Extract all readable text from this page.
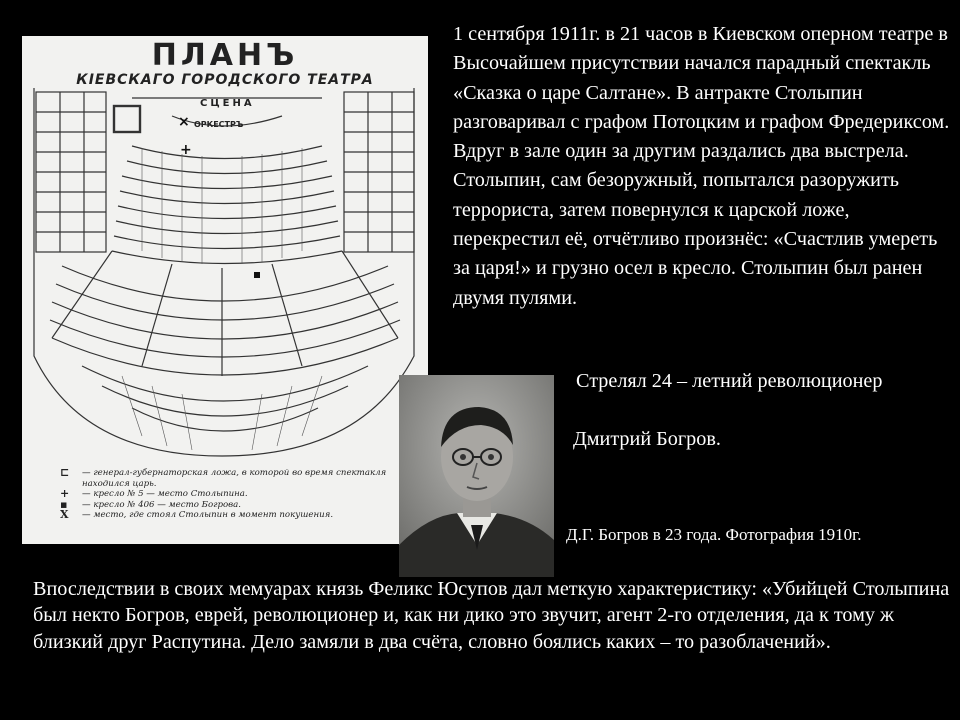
ПЛАНЪ
КІЕВСКАГО ГОРОДСКОГО ТЕАТРА
СЦЕНА
ОРКЕСТРЪ
×
+
⊏	— генерал-губернаторская ложа, в которой во время спектакля находился царь.
+	— кресло № 5 — место Столыпина.
▪	— кресло № 406 — место Богрова.
X	— место, где стоял Столыпин в момент покушения.

1 сентября 1911г. в 21 часов в Киевском оперном театре в Высочайшем присутствии начался парадный спектакль «Сказка о царе Салтане». В антракте Столыпин разговаривал с графом Потоцким и графом Фредериксом. Вдруг в зале один за другим раздались два выстрела. Столыпин, сам безоружный, попытался разоружить террориста, затем повернулся к царской ложе, перекрестил её, отчётливо произнёс: «Счастлив умереть за царя!» и грузно осел в кресло. Столыпин был ранен двумя пулями.

Стрелял 24 – летний революционер

Дмитрий Богров.

Д.Г. Богров в 23 года. Фотография 1910г.

Впоследствии в своих мемуарах князь Феликс Юсупов дал меткую характеристику: «Убийцей Столыпина был некто Богров, еврей, революционер и, как ни дико это звучит, агент 2-го отделения, да к тому ж близкий друг Распутина. Дело замяли в два счёта, словно боялись каких – то разоблачений».
